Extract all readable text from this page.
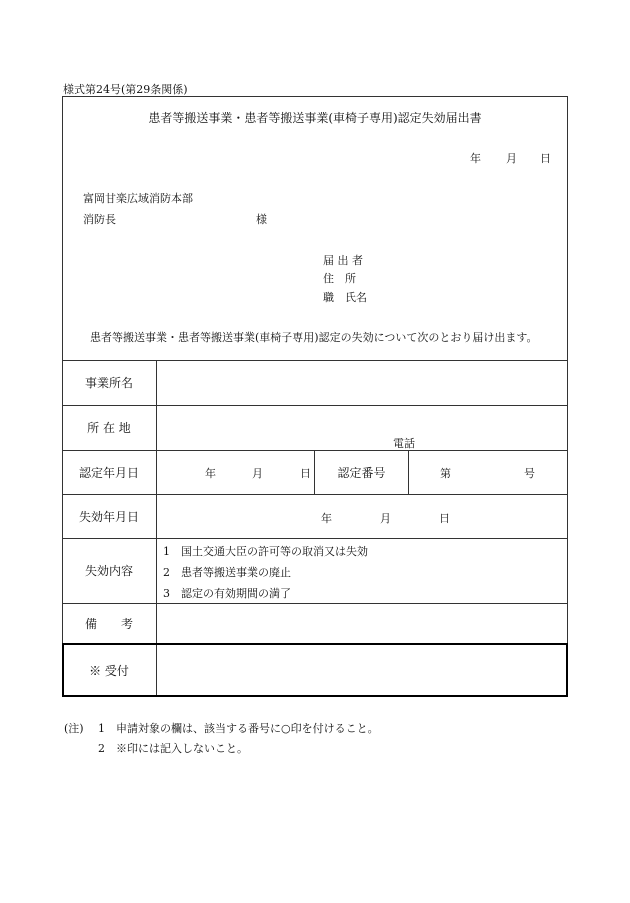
様式第24号(第29条関係)
患者等搬送事業・患者等搬送事業(車椅子専用)認定失効届出書
年 月 日
富岡甘楽広域消防本部
消防長	様
届 出 者
住　所
職　氏名
患者等搬送事業・患者等搬送事業(車椅子専用)認定の失効について次のとおり届け出ます。
事業所名
所 在 地
電話
認定年月日	年	月	日	認定番号	第	号
失効年月日	年	月	日
失効内容
1　国土交通大臣の許可等の取消又は失効
2　患者等搬送事業の廃止
3　認定の有効期間の満了
備　　考
※ 受付
(注) 1　申請対象の欄は、該当する番号に○印を付けること。
2　※印には記入しないこと。
